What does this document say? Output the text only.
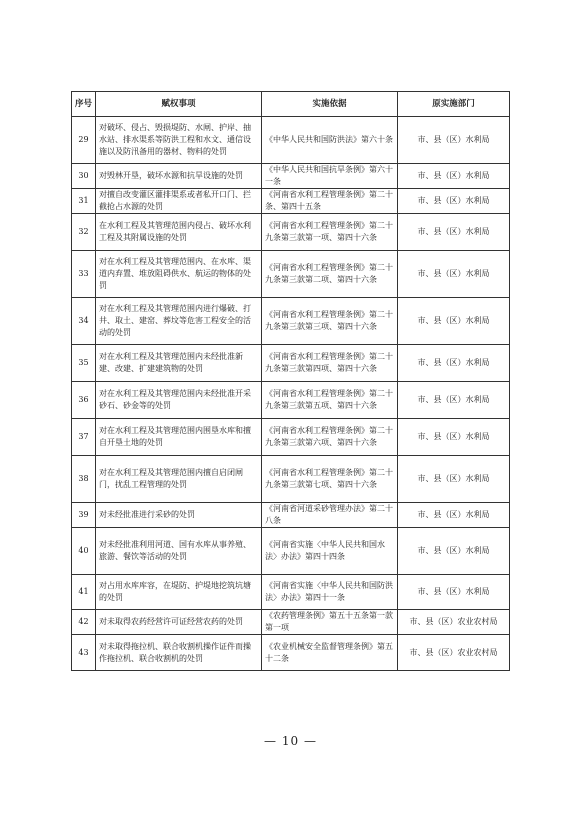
序号	赋权事项	实施依据	原实施部门
29	对破坏、侵占、毁损堤防、水闸、护岸、抽水站、排水渠系等防洪工程和水文、通信设施以及防汛备用的器材、物料的处罚	《中华人民共和国防洪法》第六十条	市、县（区）水利局
30	对毁林开垦，破坏水源和抗旱设施的处罚	《中华人民共和国抗旱条例》第六十一条	市、县（区）水利局
31	对擅自改变灌区灌排渠系或者私开口门、拦截抢占水源的处罚	《河南省水利工程管理条例》第二十条、第四十五条	市、县（区）水利局
32	在水利工程及其管理范围内侵占、破坏水利工程及其附属设施的处罚	《河南省水利工程管理条例》第二十九条第三款第一项、第四十六条	市、县（区）水利局
33	对在水利工程及其管理范围内、在水库、渠道内弃置、堆放阻碍供水、航运的物体的处罚	《河南省水利工程管理条例》第二十九条第三款第二项、第四十六条	市、县（区）水利局
34	对在水利工程及其管理范围内进行爆破、打井、取土、建窑、葬坟等危害工程安全的活动的处罚	《河南省水利工程管理条例》第二十九条第三款第三项、第四十六条	市、县（区）水利局
35	对在水利工程及其管理范围内未经批准新建、改建、扩建建筑物的处罚	《河南省水利工程管理条例》第二十九条第三款第四项、第四十六条	市、县（区）水利局
36	对在水利工程及其管理范围内未经批准开采砂石、砂金等的处罚	《河南省水利工程管理条例》第二十九条第三款第五项、第四十六条	市、县（区）水利局
37	对在水利工程及其管理范围内围垦水库和擅自开垦土地的处罚	《河南省水利工程管理条例》第二十九条第三款第六项、第四十六条	市、县（区）水利局
38	对在水利工程及其管理范围内擅自启闭闸门，扰乱工程管理的处罚	《河南省水利工程管理条例》第二十九条第三款第七项、第四十六条	市、县（区）水利局
39	对未经批准进行采砂的处罚	《河南省河道采砂管理办法》第二十八条	市、县（区）水利局
40	对未经批准利用河道、国有水库从事养殖、旅游、餐饮等活动的处罚	《河南省实施〈中华人民共和国水法〉办法》第四十四条	市、县（区）水利局
41	对占用水库库容，在堤防、护堤地挖筑坑塘的处罚	《河南省实施〈中华人民共和国防洪法〉办法》第四十一条	市、县（区）水利局
42	对未取得农药经营许可证经营农药的处罚	《农药管理条例》第五十五条第一款第一项	市、县（区）农业农村局
43	对未取得拖拉机、联合收割机操作证件而操作拖拉机、联合收割机的处罚	《农业机械安全监督管理条例》第五十二条	市、县（区）农业农村局
— 10 —
